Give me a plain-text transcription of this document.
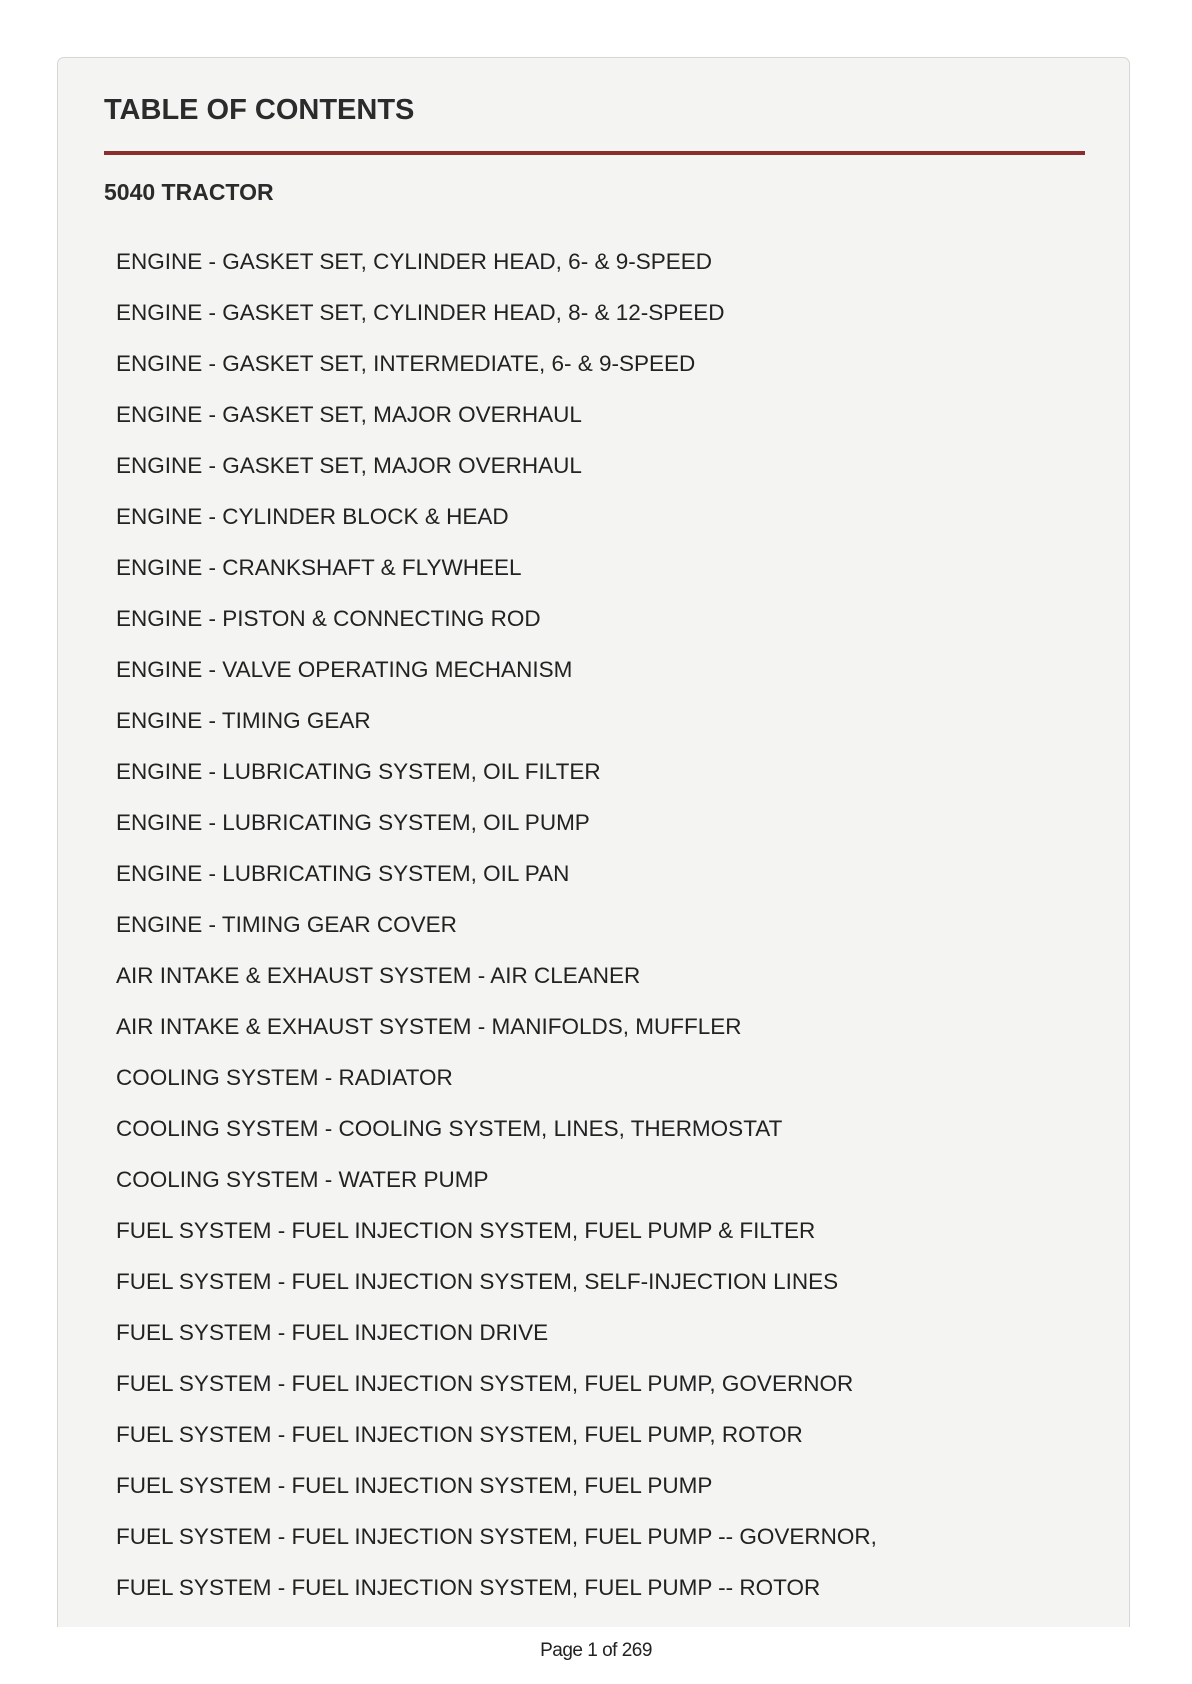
TABLE OF CONTENTS
5040 TRACTOR
ENGINE - GASKET SET, CYLINDER HEAD, 6- & 9-SPEED
ENGINE - GASKET SET, CYLINDER HEAD, 8- & 12-SPEED
ENGINE - GASKET SET, INTERMEDIATE, 6- & 9-SPEED
ENGINE - GASKET SET, MAJOR OVERHAUL
ENGINE - GASKET SET, MAJOR OVERHAUL
ENGINE - CYLINDER BLOCK & HEAD
ENGINE - CRANKSHAFT & FLYWHEEL
ENGINE - PISTON & CONNECTING ROD
ENGINE - VALVE OPERATING MECHANISM
ENGINE - TIMING GEAR
ENGINE - LUBRICATING SYSTEM, OIL FILTER
ENGINE - LUBRICATING SYSTEM, OIL PUMP
ENGINE - LUBRICATING SYSTEM, OIL PAN
ENGINE - TIMING GEAR COVER
AIR INTAKE & EXHAUST SYSTEM - AIR CLEANER
AIR INTAKE & EXHAUST SYSTEM - MANIFOLDS, MUFFLER
COOLING SYSTEM - RADIATOR
COOLING SYSTEM - COOLING SYSTEM, LINES, THERMOSTAT
COOLING SYSTEM - WATER PUMP
FUEL SYSTEM - FUEL INJECTION SYSTEM, FUEL PUMP & FILTER
FUEL SYSTEM - FUEL INJECTION SYSTEM, SELF-INJECTION LINES
FUEL SYSTEM - FUEL INJECTION DRIVE
FUEL SYSTEM - FUEL INJECTION SYSTEM, FUEL PUMP, GOVERNOR
FUEL SYSTEM - FUEL INJECTION SYSTEM, FUEL PUMP, ROTOR
FUEL SYSTEM - FUEL INJECTION SYSTEM, FUEL PUMP
FUEL SYSTEM - FUEL INJECTION SYSTEM, FUEL PUMP -- GOVERNOR,
FUEL SYSTEM - FUEL INJECTION SYSTEM, FUEL PUMP -- ROTOR
Page 1 of 269
